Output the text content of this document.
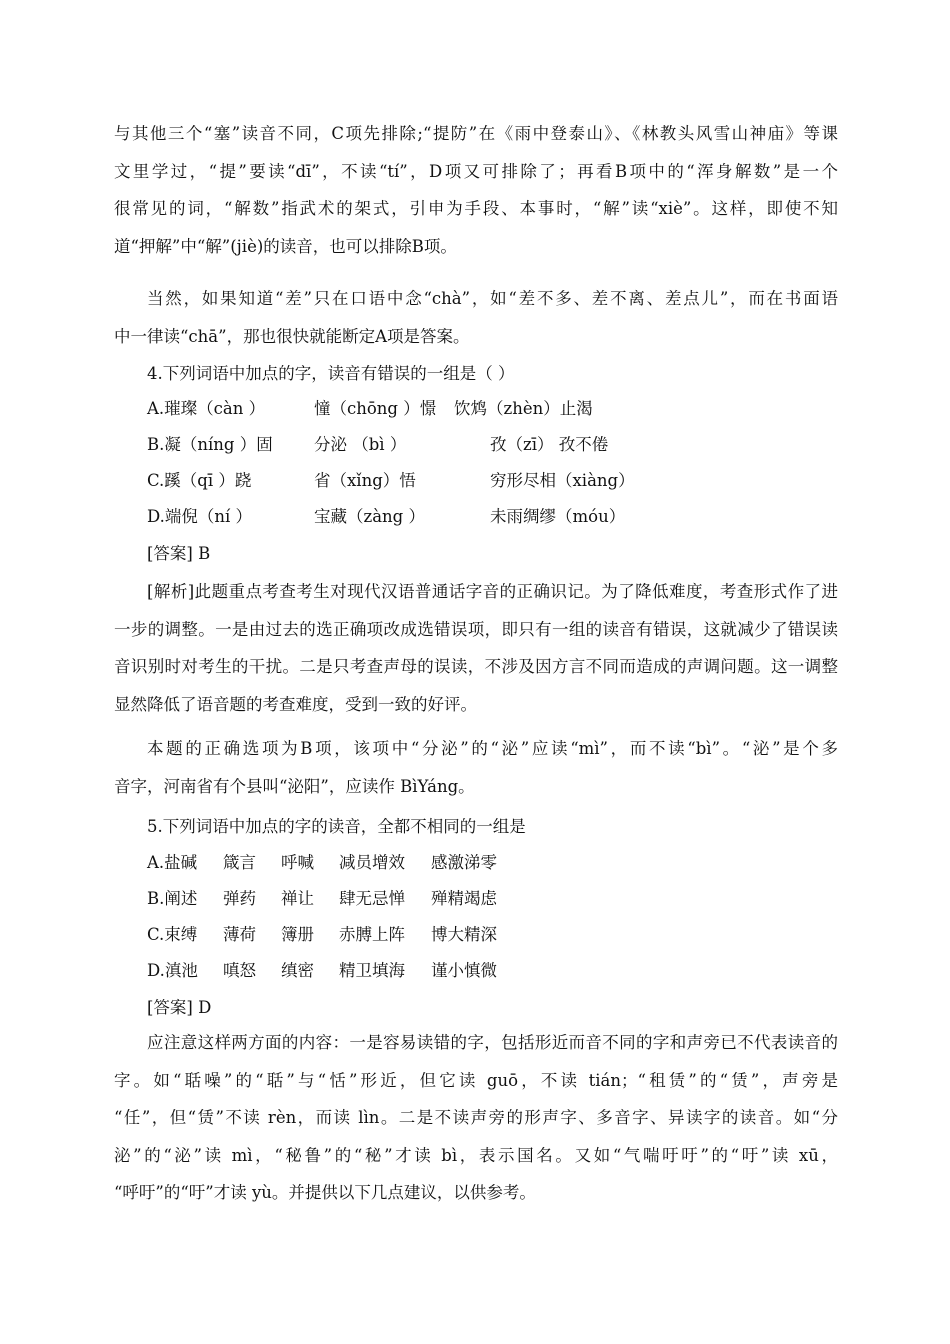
与其他三个“塞”读音不同，C项先排除;“提防”在《雨中登泰山》、《林教头风雪山神庙》等课

文里学过，“提”要读“dī”，不读“tí”，D项又可排除了；再看B项中的“浑身解数”是一个

很常见的词，“解数”指武术的架式，引申为手段、本事时，“解”读“xiè”。这样，即使不知

道“押解”中“解”(jiè)的读音，也可以排除B项。

当然，如果知道“差”只在口语中念“chà”，如“差不多、差不离、差点儿”，而在书面语

中一律读“chā”，那也很快就能断定A项是答案。

4.下列词语中加点的字，读音有错误的一组是（ ）

A.璀璨（càn ）

	憧（chōng ）憬

饮鸩（zhèn）止渴

B.凝（níng ）固

	分泌 （bì ）

	孜（zī） 孜不倦

C.蹊（qī ）跷

	省（xǐng）悟

	穷形尽相（xiàng）

D.端倪（ní ）

	宝藏（zàng ）

	未雨绸缪（móu）

[答案] B

[解析]此题重点考查考生对现代汉语普通话字音的正确识记。为了降低难度，考查形式作了进

一步的调整。一是由过去的选正确项改成选错误项，即只有一组的读音有错误，这就减少了错误读

音识别时对考生的干扰。二是只考查声母的误读，不涉及因方言不同而造成的声调问题。这一调整

显然降低了语音题的考查难度，受到一致的好评。

本题的正确选项为B项，该项中“分泌”的“泌”应读“mì”，而不读“bì”。“泌”是个多

音字，河南省有个县叫“泌阳”，应读作 BìYáng。

5.下列词语中加点的字的读音，全都不相同的一组是

A.盐碱

箴言

呼喊

减员增效

感激涕零

B.阐述

弹药

禅让

肆无忌惮

殚精竭虑

C.束缚

薄荷

簿册

赤膊上阵

博大精深

D.滇池

嗔怒

缜密

精卫填海

谨小慎微

[答案] D

应注意这样两方面的内容：一是容易读错的字，包括形近而音不同的字和声旁已不代表读音的

字。如“聒噪”的“聒”与“恬”形近，但它读 guō，不读 tián；“租赁”的“赁”，声旁是

“任”，但“赁”不读 rèn，而读 lìn。二是不读声旁的形声字、多音字、异读字的读音。如“分

泌”的“泌”读 mì，“秘鲁”的“秘”才读 bì，表示国名。又如“气喘吁吁”的“吁”读 xū，

“呼吁”的“吁”才读 yù。并提供以下几点建议，以供参考。
